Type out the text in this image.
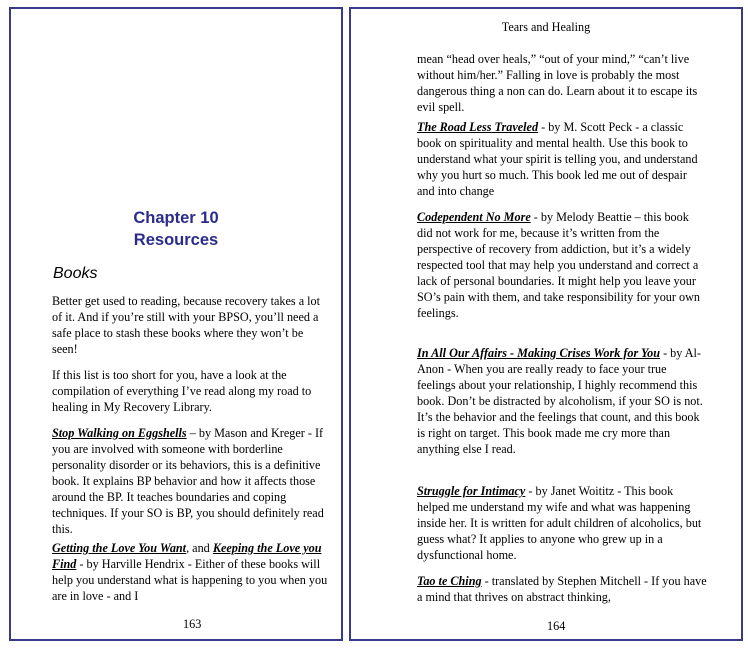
Chapter 10
Resources
Books

Better get used to reading, because recovery takes a lot of it. And if you’re still with your BPSO, you’ll need a safe place to stash these books where they won’t be seen!

If this list is too short for you, have a look at the compilation of everything I’ve read along my road to healing in My Recovery Library.

Stop Walking on Eggshells – by Mason and Kreger - If you are involved with someone with borderline personality disorder or its behaviors, this is a definitive book. It explains BP behavior and how it affects those around the BP. It teaches boundaries and coping techniques. If your SO is BP, you should definitely read this.

Getting the Love You Want, and Keeping the Love you Find - by Harville Hendrix - Either of these books will help you understand what is happening to you when you are in love - and I

163
Tears and Healing

mean “head over heals,” “out of your mind,” “can’t live without him/her.” Falling in love is probably the most dangerous thing a non can do. Learn about it to escape its evil spell.

The Road Less Traveled - by M. Scott Peck - a classic book on spirituality and mental health. Use this book to understand what your spirit is telling you, and understand why you hurt so much. This book led me out of despair and into change

Codependent No More - by Melody Beattie – this book did not work for me, because it’s written from the perspective of recovery from addiction, but it’s a widely respected tool that may help you understand and correct a lack of personal boundaries. It might help you leave your SO’s pain with them, and take responsibility for your own feelings.

In All Our Affairs - Making Crises Work for You - by Al-Anon - When you are really ready to face your true feelings about your relationship, I highly recommend this book. Don’t be distracted by alcoholism, if your SO is not. It’s the behavior and the feelings that count, and this book is right on target. This book made me cry more than anything else I read.

Struggle for Intimacy - by Janet Woititz - This book helped me understand my wife and what was happening inside her. It is written for adult children of alcoholics, but guess what? It applies to anyone who grew up in a dysfunctional home.

Tao te Ching - translated by Stephen Mitchell - If you have a mind that thrives on abstract thinking,

164
